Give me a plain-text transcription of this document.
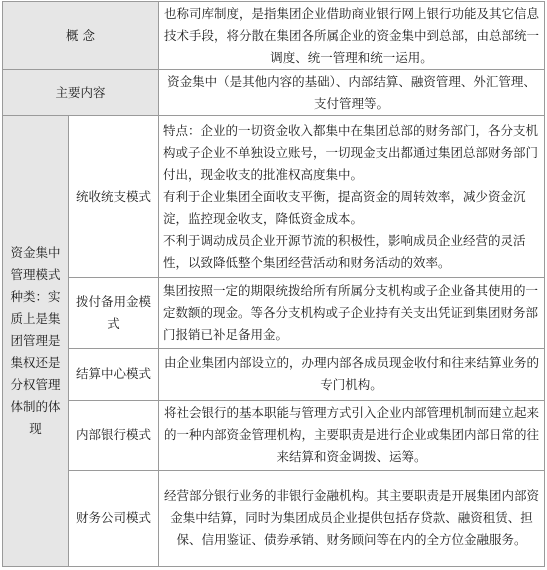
概 念		也称司库制度，是指集团企业借助商业银行网上银行功能及其它信息技术手段，将分散在集团各所属企业的资金集中到总部，由总部统一调度、统一管理和统一运用。
主要内容		资金集中（是其他内容的基础）、内部结算、融资管理、外汇管理、支付管理等。
资金集中管理模式种类：实质上是集团管理是集权还是分权管理体制的体现	统收统支模式	特点：企业的一切资金收入都集中在集团总部的财务部门，各分支机构或子企业不单独设立账号，一切现金支出都通过集团总部财务部门付出，现金收支的批准权高度集中。
有利于企业集团全面收支平衡，提高资金的周转效率，减少资金沉淀，监控现金收支，降低资金成本。
不利于调动成员企业开源节流的积极性，影响成员企业经营的灵活性，以致降低整个集团经营活动和财务活动的效率。

	拨付备用金模式	集团按照一定的期限统拨给所有所属分支机构或子企业备其使用的一定数额的现金。等各分支机构或子企业持有关支出凭证到集团财务部门报销已补足备用金。

	结算中心模式	由企业集团内部设立的，办理内部各成员现金收付和往来结算业务的专门机构。

	内部银行模式	将社会银行的基本职能与管理方式引入企业内部管理机制而建立起来的一种内部资金管理机构，主要职责是进行企业或集团内部日常的往来结算和资金调拨、运筹。

	财务公司模式	经营部分银行业务的非银行金融机构。其主要职责是开展集团内部资金集中结算，同时为集团成员企业提供包括存贷款、融资租赁、担保、信用鉴证、债券承销、财务顾问等在内的全方位金融服务。
